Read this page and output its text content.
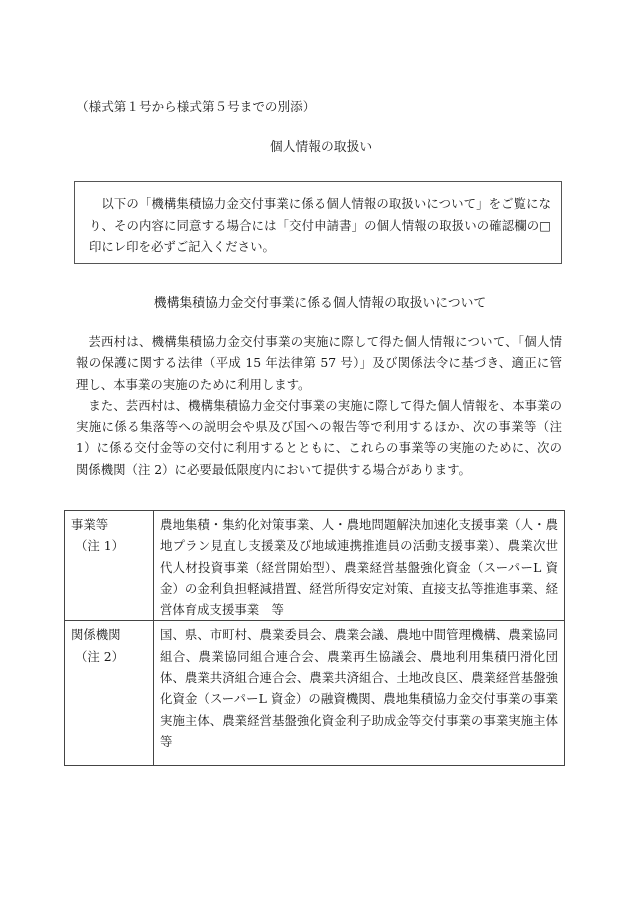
（様式第１号から様式第５号までの別添）
個人情報の取扱い

以下の「機構集積協力金交付事業に係る個人情報の取扱いについて」をご覧になり、その内容に同意する場合には「交付申請書」の個人情報の取扱いの確認欄の□印にレ印を必ずご記入ください。

機構集積協力金交付事業に係る個人情報の取扱いについて

芸西村は、機構集積協力金交付事業の実施に際して得た個人情報について、「個人情報の保護に関する法律（平成 15 年法律第 57 号）」及び関係法令に基づき、適正に管理し、本事業の実施のために利用します。

また、芸西村は、機構集積協力金交付事業の実施に際して得た個人情報を、本事業の実施に係る集落等への説明会や県及び国への報告等で利用するほか、次の事業等（注 1）に係る交付金等の交付に利用するとともに、これらの事業等の実施のために、次の関係機関（注 2）に必要最低限度内において提供する場合があります。

事業等
（注 1）	農地集積・集約化対策事業、人・農地問題解決加速化支援事業（人・農地プラン見直し支援業及び地域連携推進員の活動支援事業）、農業次世代人材投資事業（経営開始型）、農業経営基盤強化資金（スーパーL 資金）の金利負担軽減措置、経営所得安定対策、直接支払等推進事業、経営体育成支援事業　等

関係機関
（注 2）	国、県、市町村、農業委員会、農業会議、農地中間管理機構、農業協同組合、農業協同組合連合会、農業再生協議会、農地利用集積円滑化団体、農業共済組合連合会、農業共済組合、土地改良区、農業経営基盤強化資金（スーパーL 資金）の融資機関、農地集積協力金交付事業の事業実施主体、農業経営基盤強化資金利子助成金等交付事業の事業実施主体　等
